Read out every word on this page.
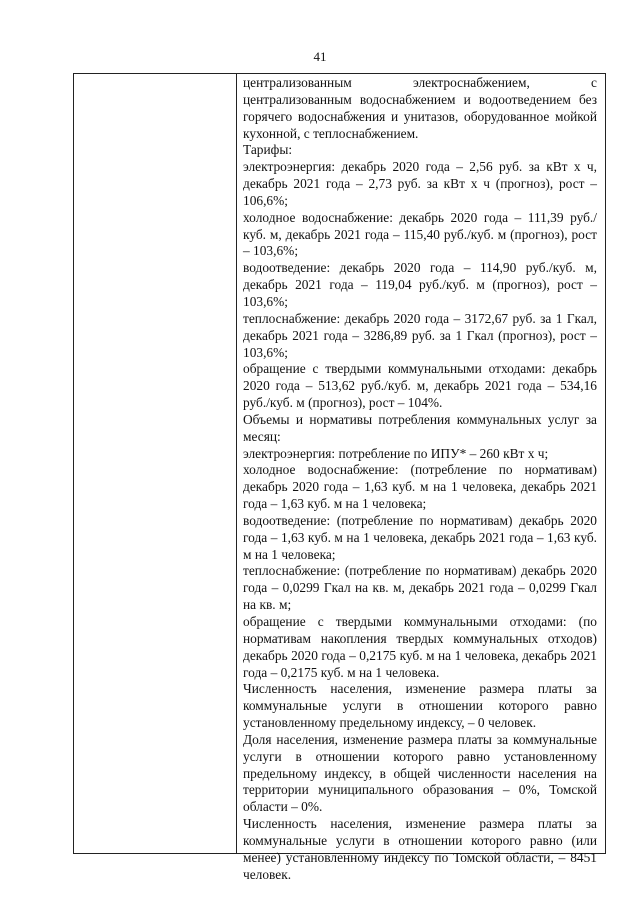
41

централизованным электроснабжением, с

централизованным водоснабжением и водоотведением без горячего водоснабжения и унитазов, оборудованное мойкой кухонной, с теплоснабжением.

Тарифы:

электроэнергия: декабрь 2020 года – 2,56 руб. за кВт х ч, декабрь 2021 года – 2,73 руб. за кВт х ч (прогноз), рост – 106,6%;

холодное водоснабжение: декабрь 2020 года – 111,39 руб./куб. м, декабрь 2021 года – 115,40 руб./куб. м (прогноз), рост – 103,6%;

водоотведение: декабрь 2020 года – 114,90 руб./куб. м, декабрь 2021 года – 119,04 руб./куб. м (прогноз), рост – 103,6%;

теплоснабжение: декабрь 2020 года – 3172,67 руб. за 1 Гкал, декабрь 2021 года – 3286,89 руб. за 1 Гкал (прогноз), рост – 103,6%;

обращение с твердыми коммунальными отходами: декабрь 2020 года – 513,62 руб./куб. м, декабрь 2021 года – 534,16 руб./куб. м (прогноз), рост – 104%.

Объемы и нормативы потребления коммунальных услуг за месяц:

электроэнергия: потребление по ИПУ* – 260 кВт х ч;

холодное водоснабжение: (потребление по нормативам) декабрь 2020 года – 1,63 куб. м на 1 человека, декабрь 2021 года – 1,63 куб. м на 1 человека;

водоотведение: (потребление по нормативам) декабрь 2020 года – 1,63 куб. м на 1 человека, декабрь 2021 года – 1,63 куб. м на 1 человека;

теплоснабжение: (потребление по нормативам) декабрь 2020 года – 0,0299 Гкал на кв. м, декабрь 2021 года – 0,0299 Гкал на кв. м;

обращение с твердыми коммунальными отходами: (по нормативам накопления твердых коммунальных отходов) декабрь 2020 года – 0,2175 куб. м на 1 человека, декабрь 2021 года – 0,2175 куб. м на 1 человека.

Численность населения, изменение размера платы за коммунальные услуги в отношении которого равно установленному предельному индексу, – 0 человек.

Доля населения, изменение размера платы за коммунальные услуги в отношении которого равно установленному предельному индексу, в общей численности населения на территории муниципального образования – 0%, Томской области – 0%.

Численность населения, изменение размера платы за коммунальные услуги в отношении которого равно (или менее) установленному индексу по Томской области, – 8451 человек.
